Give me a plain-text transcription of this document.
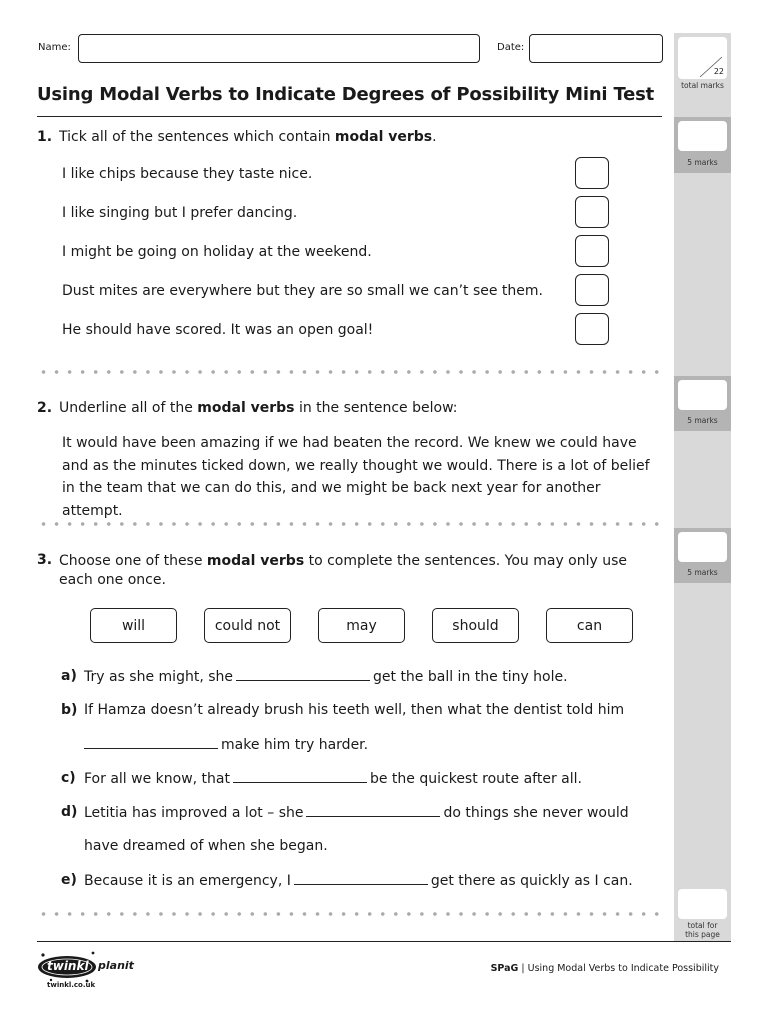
Name:	Date:
Using Modal Verbs to Indicate Degrees of Possibility Mini Test
22
total marks
5 marks
5 marks
5 marks
total for
this page
1. Tick all of the sentences which contain modal verbs.
I like chips because they taste nice.
I like singing but I prefer dancing.
I might be going on holiday at the weekend.
Dust mites are everywhere but they are so small we can’t see them.
He should have scored. It was an open goal!
2. Underline all of the modal verbs in the sentence below:
It would have been amazing if we had beaten the record. We knew we could have and as the minutes ticked down, we really thought we would. There is a lot of belief in the team that we can do this, and we might be back next year for another attempt.
3. Choose one of these modal verbs to complete the sentences. You may only use each one once.
will	could not	may	should	can
a) Try as she might, she	get the ball in the tiny hole.
b) If Hamza doesn’t already brush his teeth well, then what the dentist told him
make him try harder.
c) For all we know, that	be the quickest route after all.
d) Letitia has improved a lot – she	do things she never would
have dreamed of when she began.
e) Because it is an emergency, I	get there as quickly as I can.
twinkl planit
twinkl.co.uk
SPaG | Using Modal Verbs to Indicate Possibility
